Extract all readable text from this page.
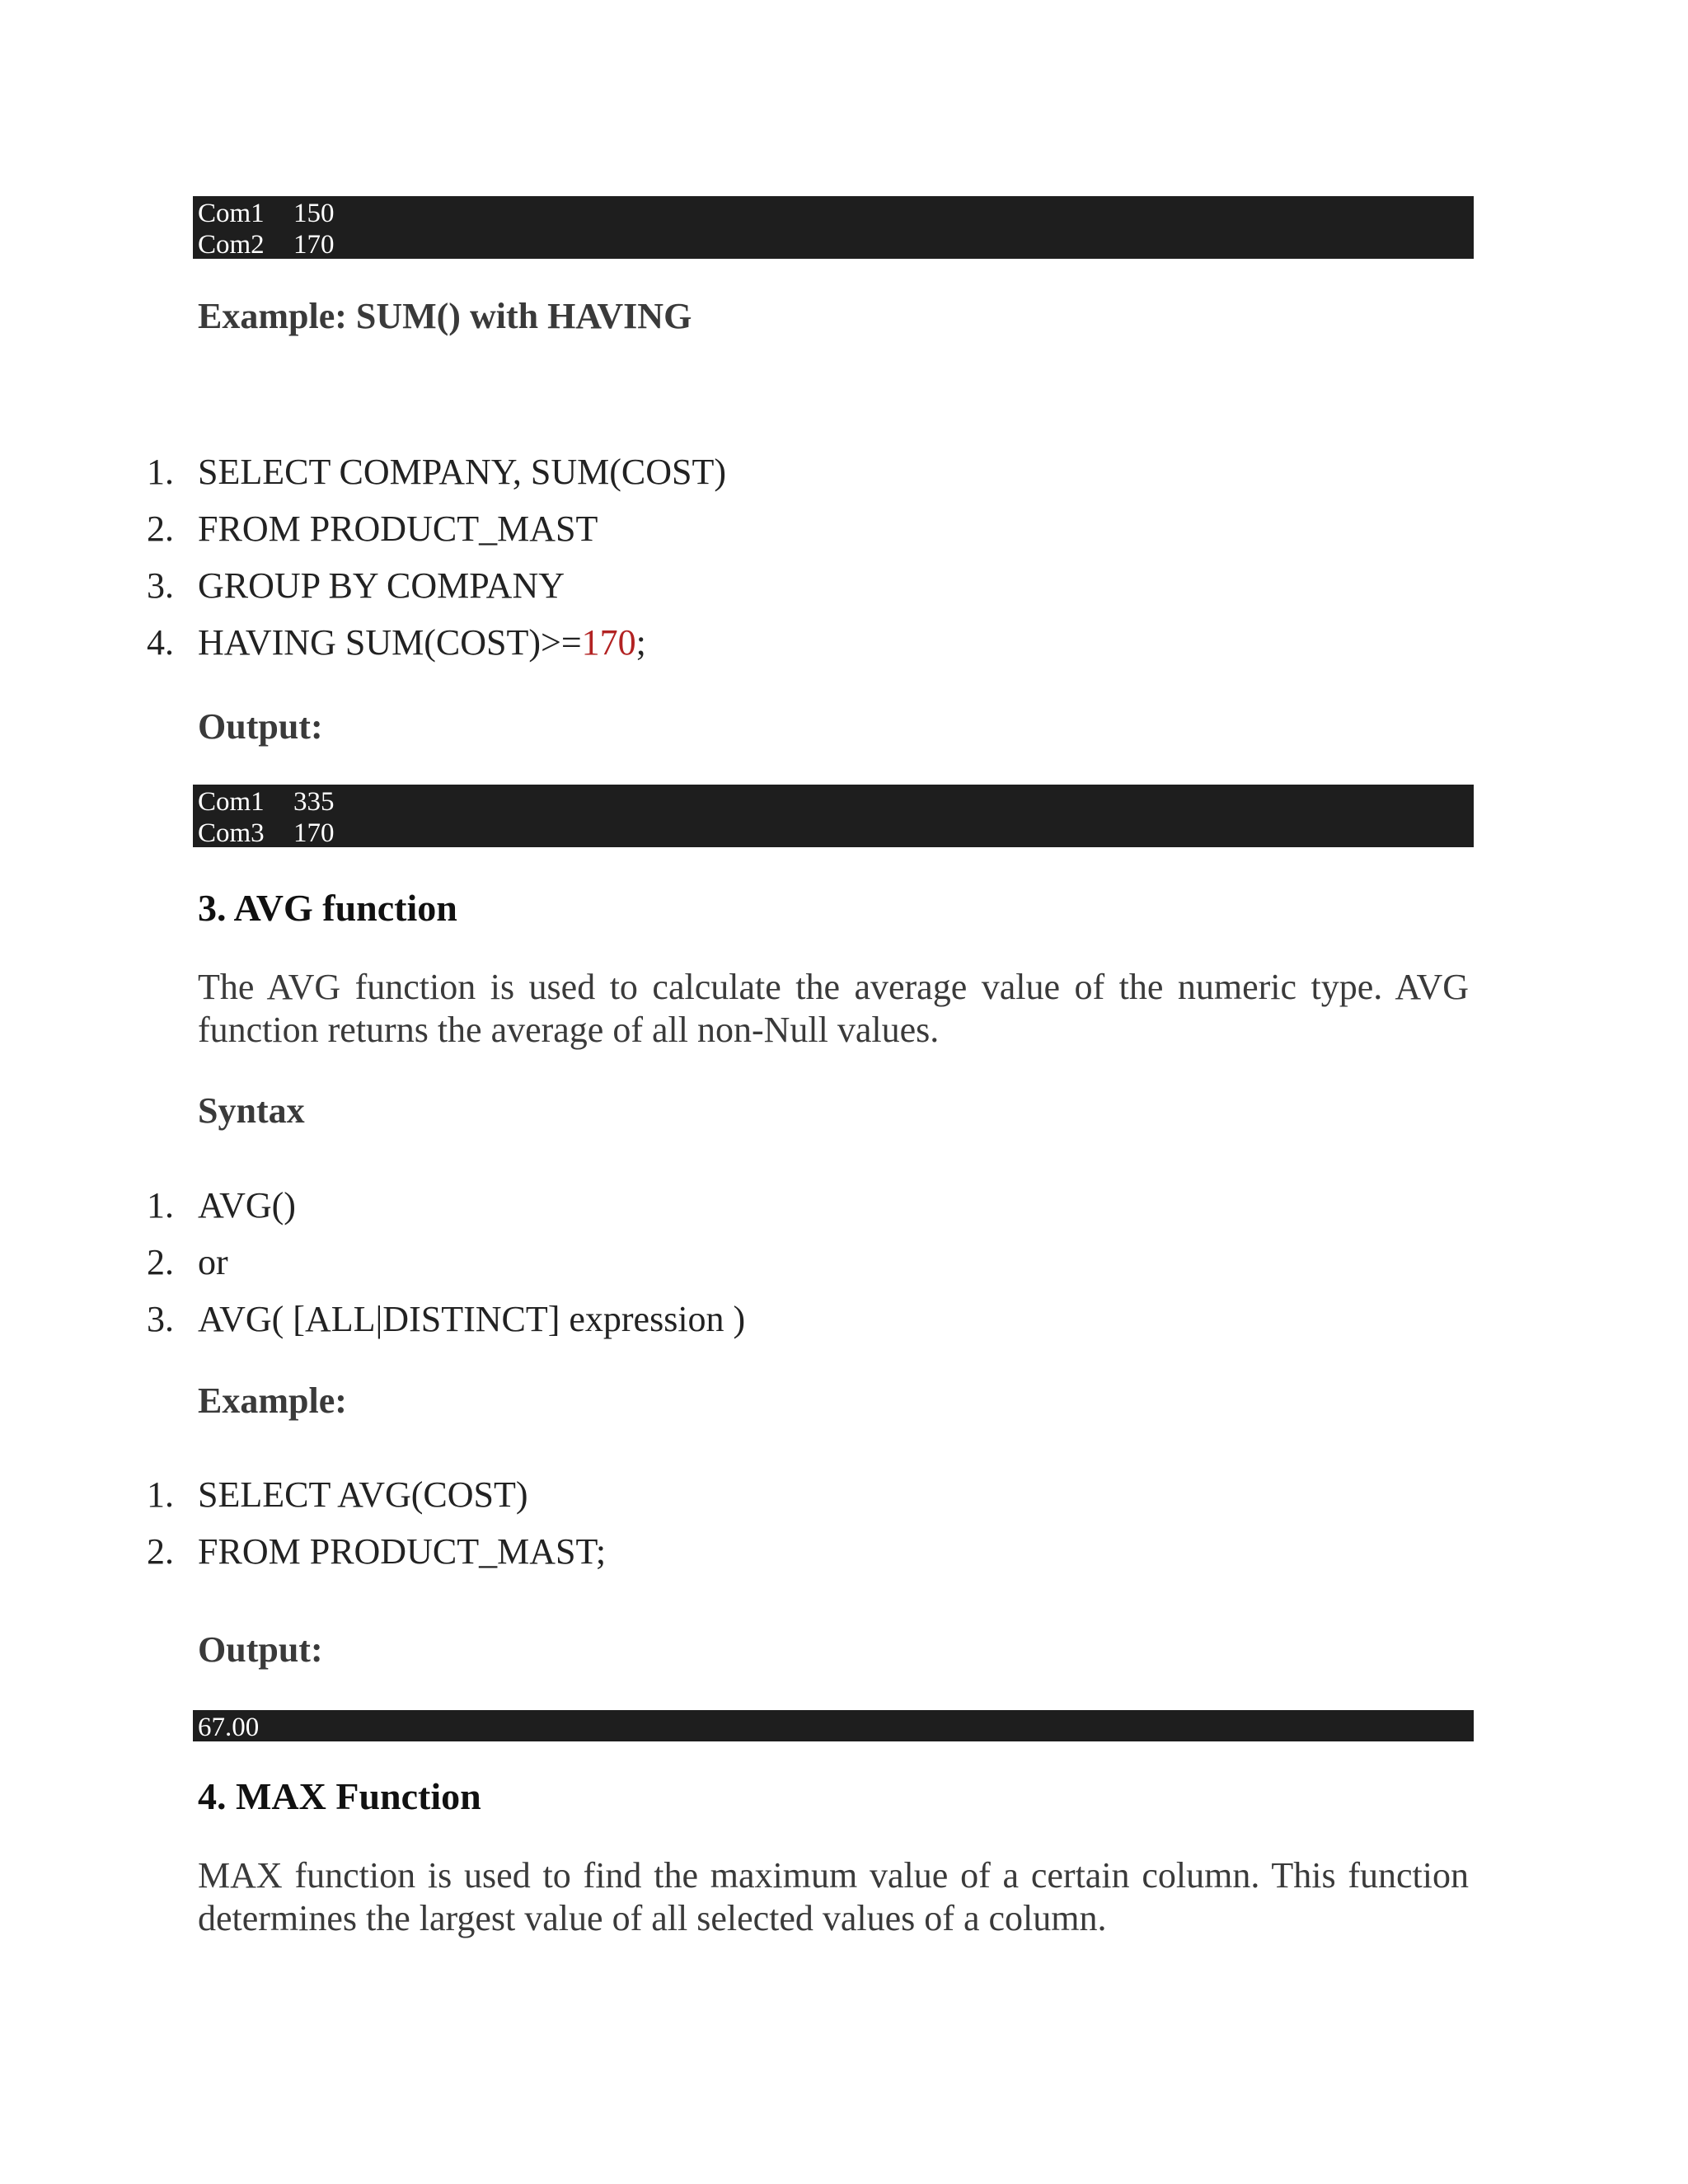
Com1 150
Com2 170
Example: SUM() with HAVING
1. SELECT COMPANY, SUM(COST)
2. FROM PRODUCT_MAST
3. GROUP BY COMPANY
4. HAVING SUM(COST)>=170;
Output:
Com1 335
Com3 170
3. AVG function
The AVG function is used to calculate the average value of the numeric type. AVG function returns the average of all non-Null values.
Syntax
1. AVG()
2. or
3. AVG( [ALL|DISTINCT] expression )
Example:
1. SELECT AVG(COST)
2. FROM PRODUCT_MAST;
Output:
67.00
4. MAX Function
MAX function is used to find the maximum value of a certain column. This function determines the largest value of all selected values of a column.
